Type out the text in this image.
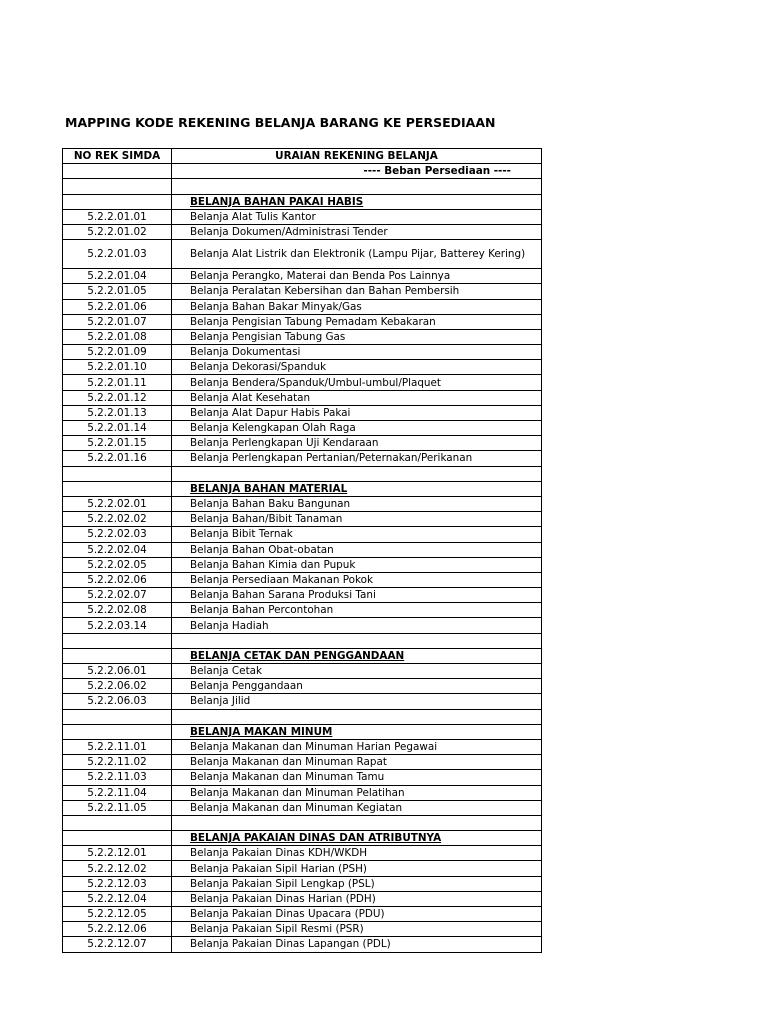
MAPPING KODE REKENING BELANJA BARANG KE PERSEDIAAN
NO REK SIMDA	URAIAN REKENING BELANJA
	---- Beban Persediaan ----

	BELANJA BAHAN PAKAI HABIS
5.2.2.01.01	Belanja Alat Tulis Kantor
5.2.2.01.02	Belanja Dokumen/Administrasi Tender
5.2.2.01.03	Belanja Alat Listrik dan Elektronik (Lampu Pijar, Batterey Kering)
5.2.2.01.04	Belanja Perangko, Materai dan Benda Pos Lainnya
5.2.2.01.05	Belanja Peralatan Kebersihan dan Bahan Pembersih
5.2.2.01.06	Belanja Bahan Bakar Minyak/Gas
5.2.2.01.07	Belanja Pengisian Tabung Pemadam Kebakaran
5.2.2.01.08	Belanja Pengisian Tabung Gas
5.2.2.01.09	Belanja Dokumentasi
5.2.2.01.10	Belanja Dekorasi/Spanduk
5.2.2.01.11	Belanja Bendera/Spanduk/Umbul-umbul/Plaquet
5.2.2.01.12	Belanja Alat Kesehatan
5.2.2.01.13	Belanja Alat Dapur Habis Pakai
5.2.2.01.14	Belanja Kelengkapan Olah Raga
5.2.2.01.15	Belanja Perlengkapan Uji Kendaraan
5.2.2.01.16	Belanja Perlengkapan Pertanian/Peternakan/Perikanan

	BELANJA BAHAN MATERIAL
5.2.2.02.01	Belanja Bahan Baku Bangunan
5.2.2.02.02	Belanja Bahan/Bibit Tanaman
5.2.2.02.03	Belanja Bibit Ternak
5.2.2.02.04	Belanja Bahan Obat-obatan
5.2.2.02.05	Belanja Bahan Kimia dan Pupuk
5.2.2.02.06	Belanja Persediaan Makanan Pokok
5.2.2.02.07	Belanja Bahan Sarana Produksi Tani
5.2.2.02.08	Belanja Bahan Percontohan
5.2.2.03.14	Belanja Hadiah

	BELANJA CETAK DAN PENGGANDAAN
5.2.2.06.01	Belanja Cetak
5.2.2.06.02	Belanja Penggandaan
5.2.2.06.03	Belanja Jilid

	BELANJA MAKAN MINUM
5.2.2.11.01	Belanja Makanan dan Minuman Harian Pegawai
5.2.2.11.02	Belanja Makanan dan Minuman Rapat
5.2.2.11.03	Belanja Makanan dan Minuman Tamu
5.2.2.11.04	Belanja Makanan dan Minuman Pelatihan
5.2.2.11.05	Belanja Makanan dan Minuman Kegiatan

	BELANJA PAKAIAN DINAS DAN ATRIBUTNYA
5.2.2.12.01	Belanja Pakaian Dinas KDH/WKDH
5.2.2.12.02	Belanja Pakaian Sipil Harian (PSH)
5.2.2.12.03	Belanja Pakaian Sipil Lengkap (PSL)
5.2.2.12.04	Belanja Pakaian Dinas Harian (PDH)
5.2.2.12.05	Belanja Pakaian Dinas Upacara (PDU)
5.2.2.12.06	Belanja Pakaian Sipil Resmi (PSR)
5.2.2.12.07	Belanja Pakaian Dinas Lapangan (PDL)
